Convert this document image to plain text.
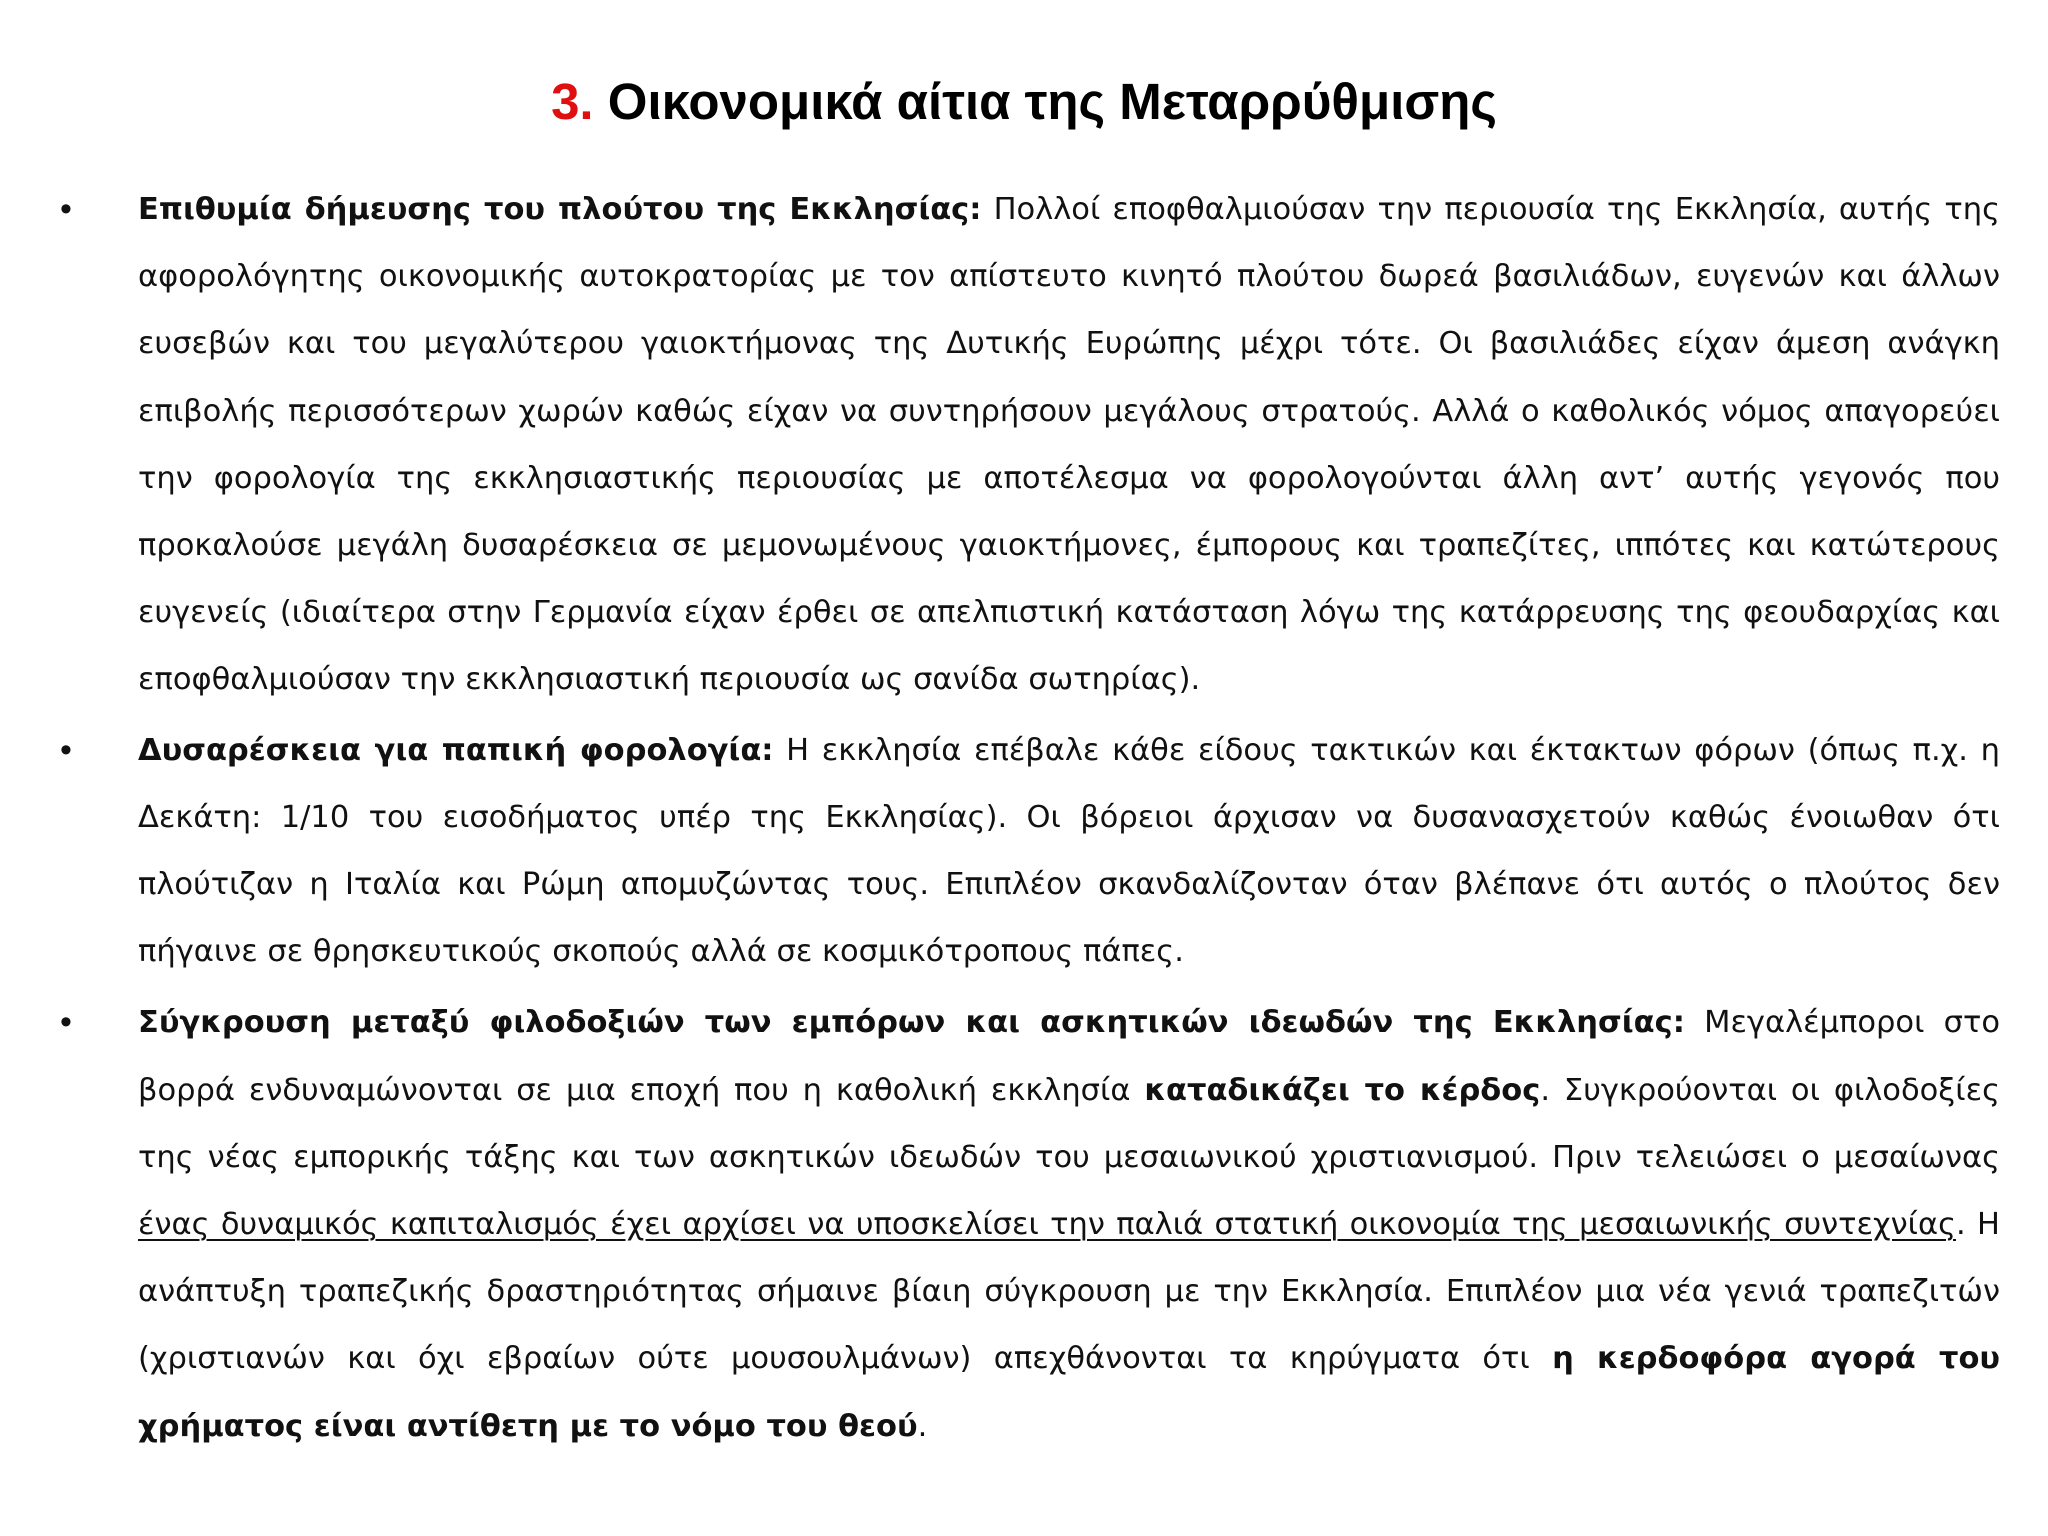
3. Οικονομικά αίτια της Μεταρρύθμισης
•	Επιθυμία δήμευσης του πλούτου της Εκκλησίας: Πολλοί εποφθαλμιούσαν την περιουσία της Εκκλησία, αυτής της αφορολόγητης οικονομικής αυτοκρατορίας με τον απίστευτο κινητό πλούτου δωρεά βασιλιάδων, ευγενών και άλλων ευσεβών και του μεγαλύτερου γαιοκτήμονας της Δυτικής Ευρώπης μέχρι τότε. Οι βασιλιάδες είχαν άμεση ανάγκη επιβολής περισσότερων χωρών καθώς είχαν να συντηρήσουν μεγάλους στρατούς. Αλλά ο καθολικός νόμος απαγορεύει την φορολογία της εκκλησιαστικής περιουσίας με αποτέλεσμα να φορολογούνται άλλη αντ’ αυτής γεγονός που προκαλούσε μεγάλη δυσαρέσκεια σε μεμονωμένους γαιοκτήμονες, έμπορους και τραπεζίτες, ιππότες και κατώτερους ευγενείς (ιδιαίτερα στην Γερμανία είχαν έρθει σε απελπιστική κατάσταση λόγω της κατάρρευσης της φεουδαρχίας και εποφθαλμιούσαν την εκκλησιαστική περιουσία ως σανίδα σωτηρίας).
•	Δυσαρέσκεια για παπική φορολογία: Η εκκλησία επέβαλε κάθε είδους τακτικών και έκτακτων φόρων (όπως π.χ. η Δεκάτη: 1/10 του εισοδήματος υπέρ της Εκκλησίας). Οι βόρειοι άρχισαν να δυσανασχετούν καθώς ένοιωθαν ότι πλούτιζαν η Ιταλία και Ρώμη απομυζώντας τους. Επιπλέον σκανδαλίζονταν όταν βλέπανε ότι αυτός ο πλούτος δεν πήγαινε σε θρησκευτικούς σκοπούς αλλά σε κοσμικότροπους πάπες.
•	Σύγκρουση μεταξύ φιλοδοξιών των εμπόρων και ασκητικών ιδεωδών της Εκκλησίας: Μεγαλέμποροι στο βορρά ενδυναμώνονται σε μια εποχή που η καθολική εκκλησία καταδικάζει το κέρδος. Συγκρούονται οι φιλοδοξίες της νέας εμπορικής τάξης και των ασκητικών ιδεωδών του μεσαιωνικού χριστιανισμού. Πριν τελειώσει ο μεσαίωνας ένας δυναμικός καπιταλισμός έχει αρχίσει να υποσκελίσει την παλιά στατική οικονομία της μεσαιωνικής συντεχνίας. Η ανάπτυξη τραπεζικής δραστηριότητας σήμαινε βίαιη σύγκρουση με την Εκκλησία. Επιπλέον μια νέα γενιά τραπεζιτών (χριστιανών και όχι εβραίων ούτε μουσουλμάνων) απεχθάνονται τα κηρύγματα ότι η κερδοφόρα αγορά του χρήματος είναι αντίθετη με το νόμο του θεού.
